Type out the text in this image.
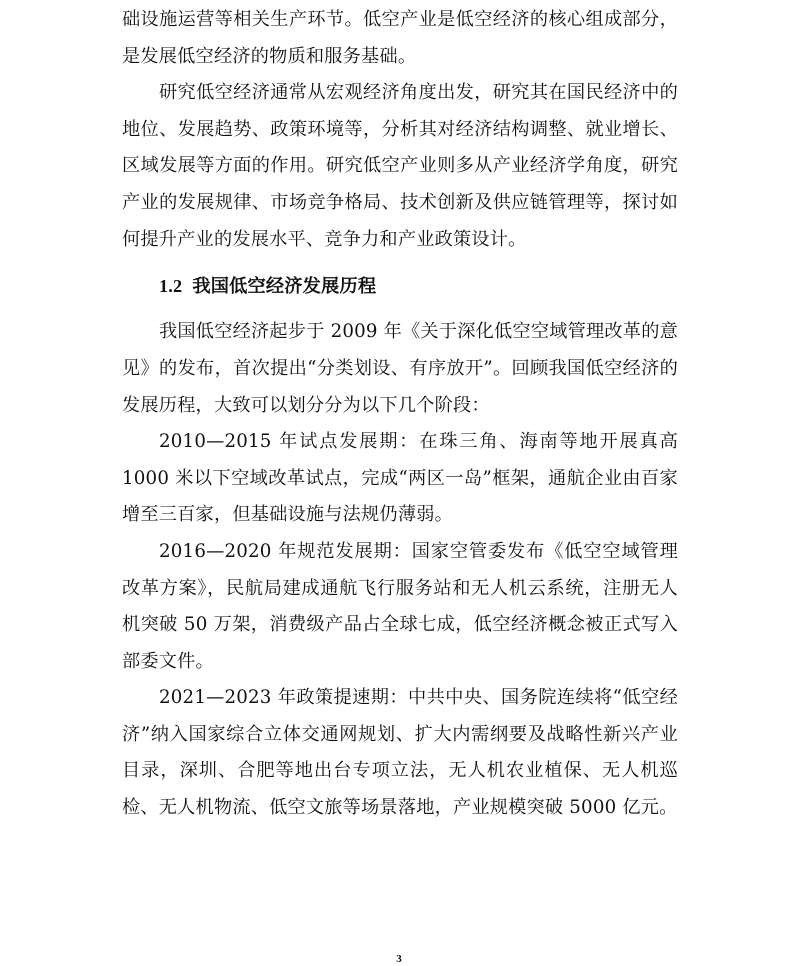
础设施运营等相关生产环节。低空产业是低空经济的核心组成部分，是发展低空经济的物质和服务基础。

研究低空经济通常从宏观经济角度出发，研究其在国民经济中的地位、发展趋势、政策环境等，分析其对经济结构调整、就业增长、区域发展等方面的作用。研究低空产业则多从产业经济学角度，研究产业的发展规律、市场竞争格局、技术创新及供应链管理等，探讨如何提升产业的发展水平、竞争力和产业政策设计。

1.2 我国低空经济发展历程

我国低空经济起步于 2009 年《关于深化低空空域管理改革的意见》的发布，首次提出“分类划设、有序放开”。回顾我国低空经济的发展历程，大致可以划分分为以下几个阶段：

2010—2015 年试点发展期：在珠三角、海南等地开展真高 1000 米以下空域改革试点，完成“两区一岛”框架，通航企业由百家增至三百家，但基础设施与法规仍薄弱。

2016—2020 年规范发展期：国家空管委发布《低空空域管理改革方案》，民航局建成通航飞行服务站和无人机云系统，注册无人机突破 50 万架，消费级产品占全球七成，低空经济概念被正式写入部委文件。

2021—2023 年政策提速期：中共中央、国务院连续将“低空经济”纳入国家综合立体交通网规划、扩大内需纲要及战略性新兴产业目录，深圳、合肥等地出台专项立法，无人机农业植保、无人机巡检、无人机物流、低空文旅等场景落地，产业规模突破 5000 亿元。

3
